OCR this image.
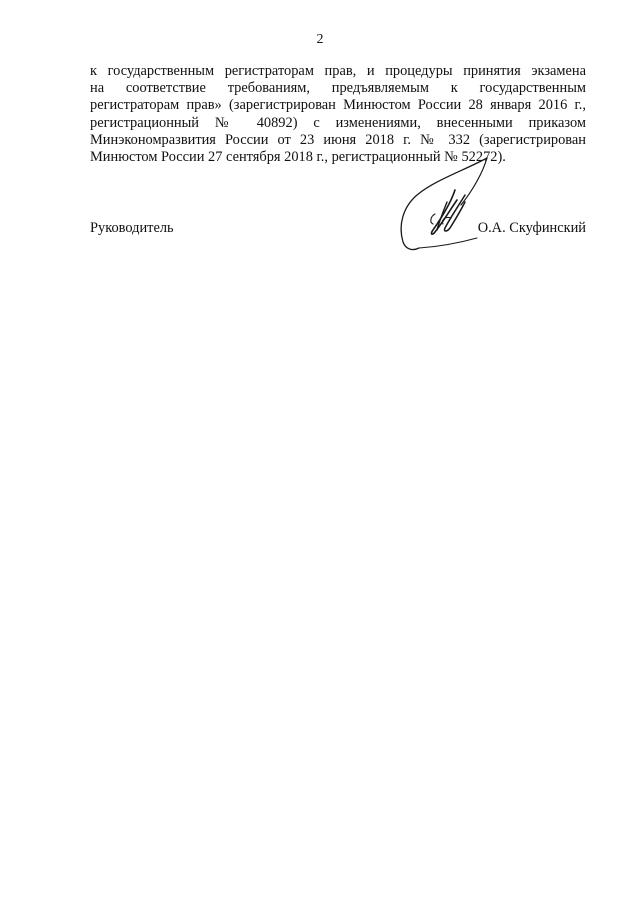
2
к государственным регистраторам прав, и процедуры принятия экзамена
на соответствие требованиям, предъявляемым к государственным
регистраторам прав» (зарегистрирован Минюстом России 28 января 2016 г.,
регистрационный № 40892) с изменениями, внесенными приказом
Минэкономразвития России от 23 июня 2018 г. № 332 (зарегистрирован
Минюстом России 27 сентября 2018 г., регистрационный № 52272).
Руководитель	О.А. Скуфинский
